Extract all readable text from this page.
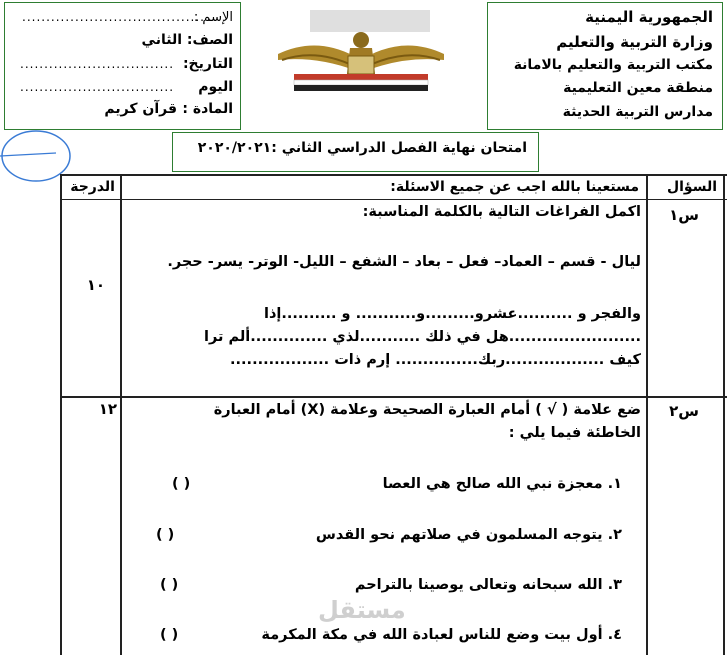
الجمهورية اليمنية
وزارة التربية والتعليم
مكتب التربية والتعليم بالامانة
منطقة معين التعليمية
مدارس التربية الحديثة
الإسم :
......................................
الصف:
الثاني
التاريخ:
................................
اليوم
................................
المادة :
قرآن كريم
امتحان نهاية الفصل الدراسي الثاني :٢٠٢٠/٢٠٢١
السؤال
مستعينا بالله اجب عن جميع الاسئلة:
الدرجة
س١
١٠
اكمل الفراغات التالية بالكلمة المناسبة:
ليال - قسم – العماد– فعل – بعاد – الشفع – الليل- الوتر- يسر- حجر.
والفجر و ..........عشرو.........و........... و ..........إذا
........................هل في ذلك ...........لذي ..............ألم ترا
كيف ..................ربك............... إرم ذات ..................
س٢
١٢	ضع علامة ( √ ) أمام العبارة الصحيحة وعلامة (X) أمام العبارة
الخاطئة فيما يلي :
١. معجزة نبي الله صالح هي العصا
( )
٢. يتوجه المسلمون في صلاتهم نحو القدس
( )
٣. الله سبحانه وتعالى يوصينا بالتراحم
( )
٤. أول بيت وضع للناس لعبادة الله في مكة المكرمة
( )
مستقل
